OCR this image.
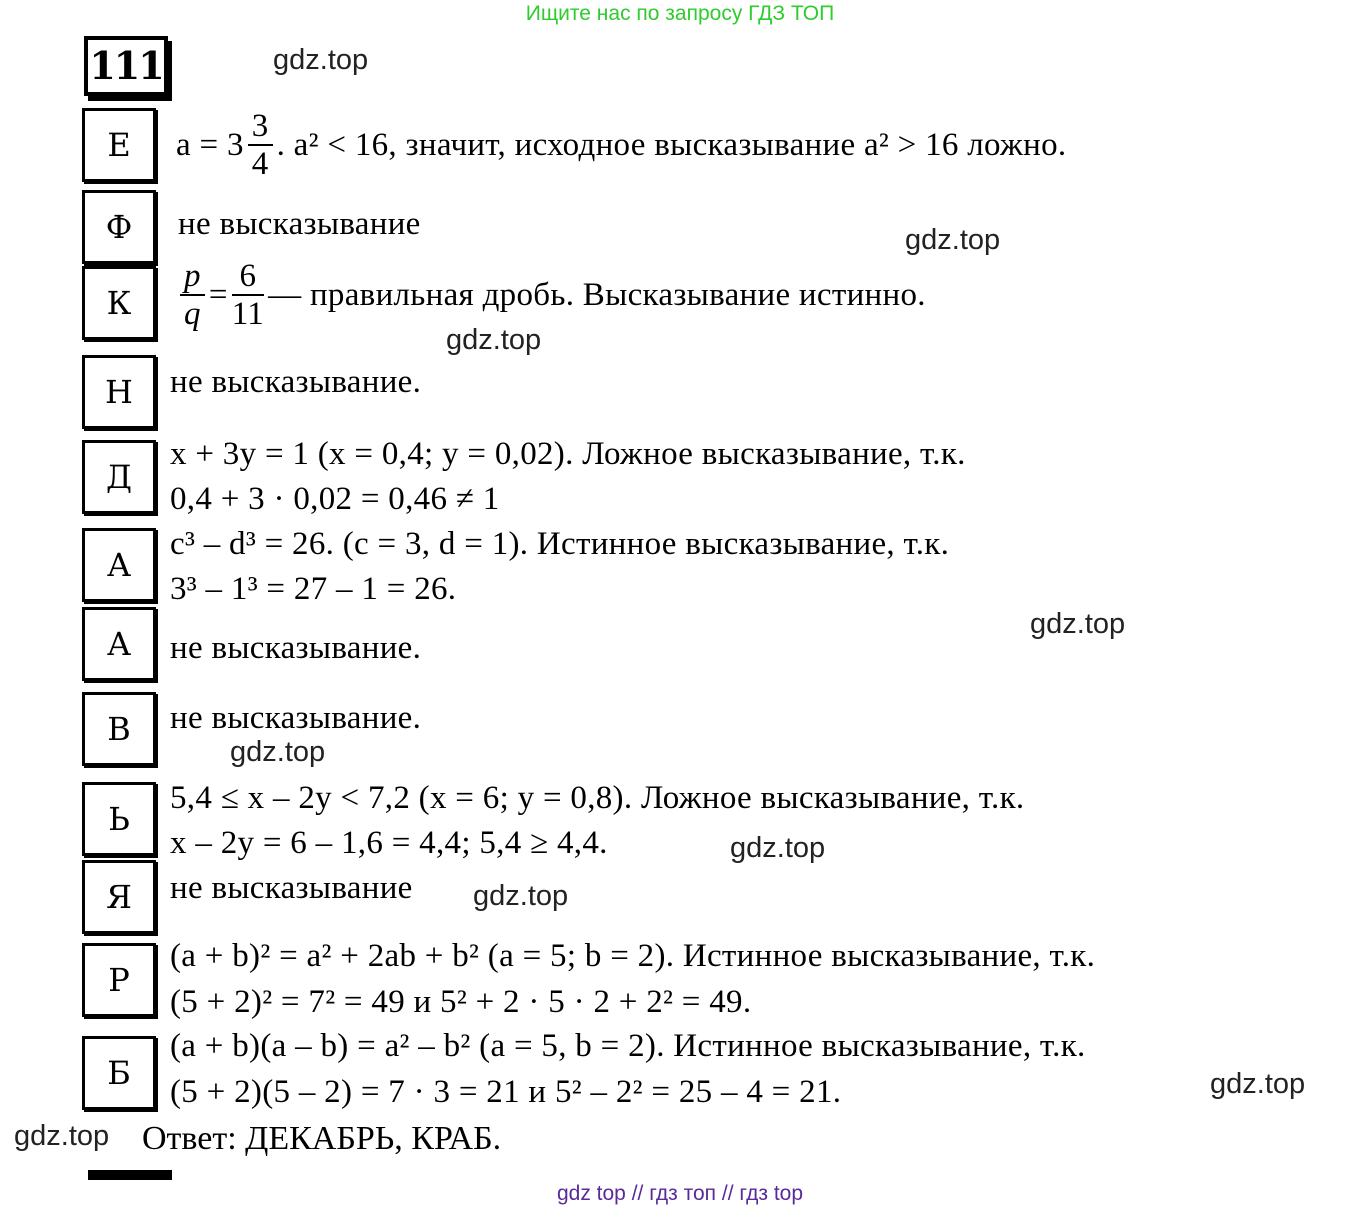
Ищите нас по запросу ГДЗ ТОП
111	gdz.top
gdz.top
gdz.top
gdz.top
gdz.top
gdz.top
gdz.top
gdz.top
gdz.top
Е
Ф
К
Н
Д
А
А
В
Ь
Я
Р
Б
$a = 3 \frac{3}{4}$ . a² < 16, значит, исходное высказывание a² > 16 ложно.
не высказывание
$\frac{p}{q} = \frac{6}{11}$ — правильная дробь. Высказывание истинно.
не высказывание.
x + 3y = 1 (x = 0,4; y = 0,02). Ложное высказывание, т.к.
0,4 + 3 · 0,02 = 0,46 ≠ 1
c³ – d³ = 26. (c = 3, d = 1). Истинное высказывание, т.к.
3³ – 1³ = 27 – 1 = 26.
не высказывание.
не высказывание.
5,4 ≤ x – 2y < 7,2 (x = 6; y = 0,8). Ложное высказывание, т.к.
x – 2y = 6 – 1,6 = 4,4; 5,4 ≥ 4,4.
не высказывание
(a + b)² = a² + 2ab + b² (a = 5; b = 2). Истинное высказывание, т.к.
(5 + 2)² = 7² = 49 и 5² + 2 · 5 · 2 + 2² = 49.
(a + b)(a – b) = a² – b² (a = 5, b = 2). Истинное высказывание, т.к.
(5 + 2)(5 – 2) = 7 · 3 = 21 и 5² – 2² = 25 – 4 = 21.
Ответ: ДЕКАБРЬ, КРАБ.
gdz top // гдз топ // гдз top
